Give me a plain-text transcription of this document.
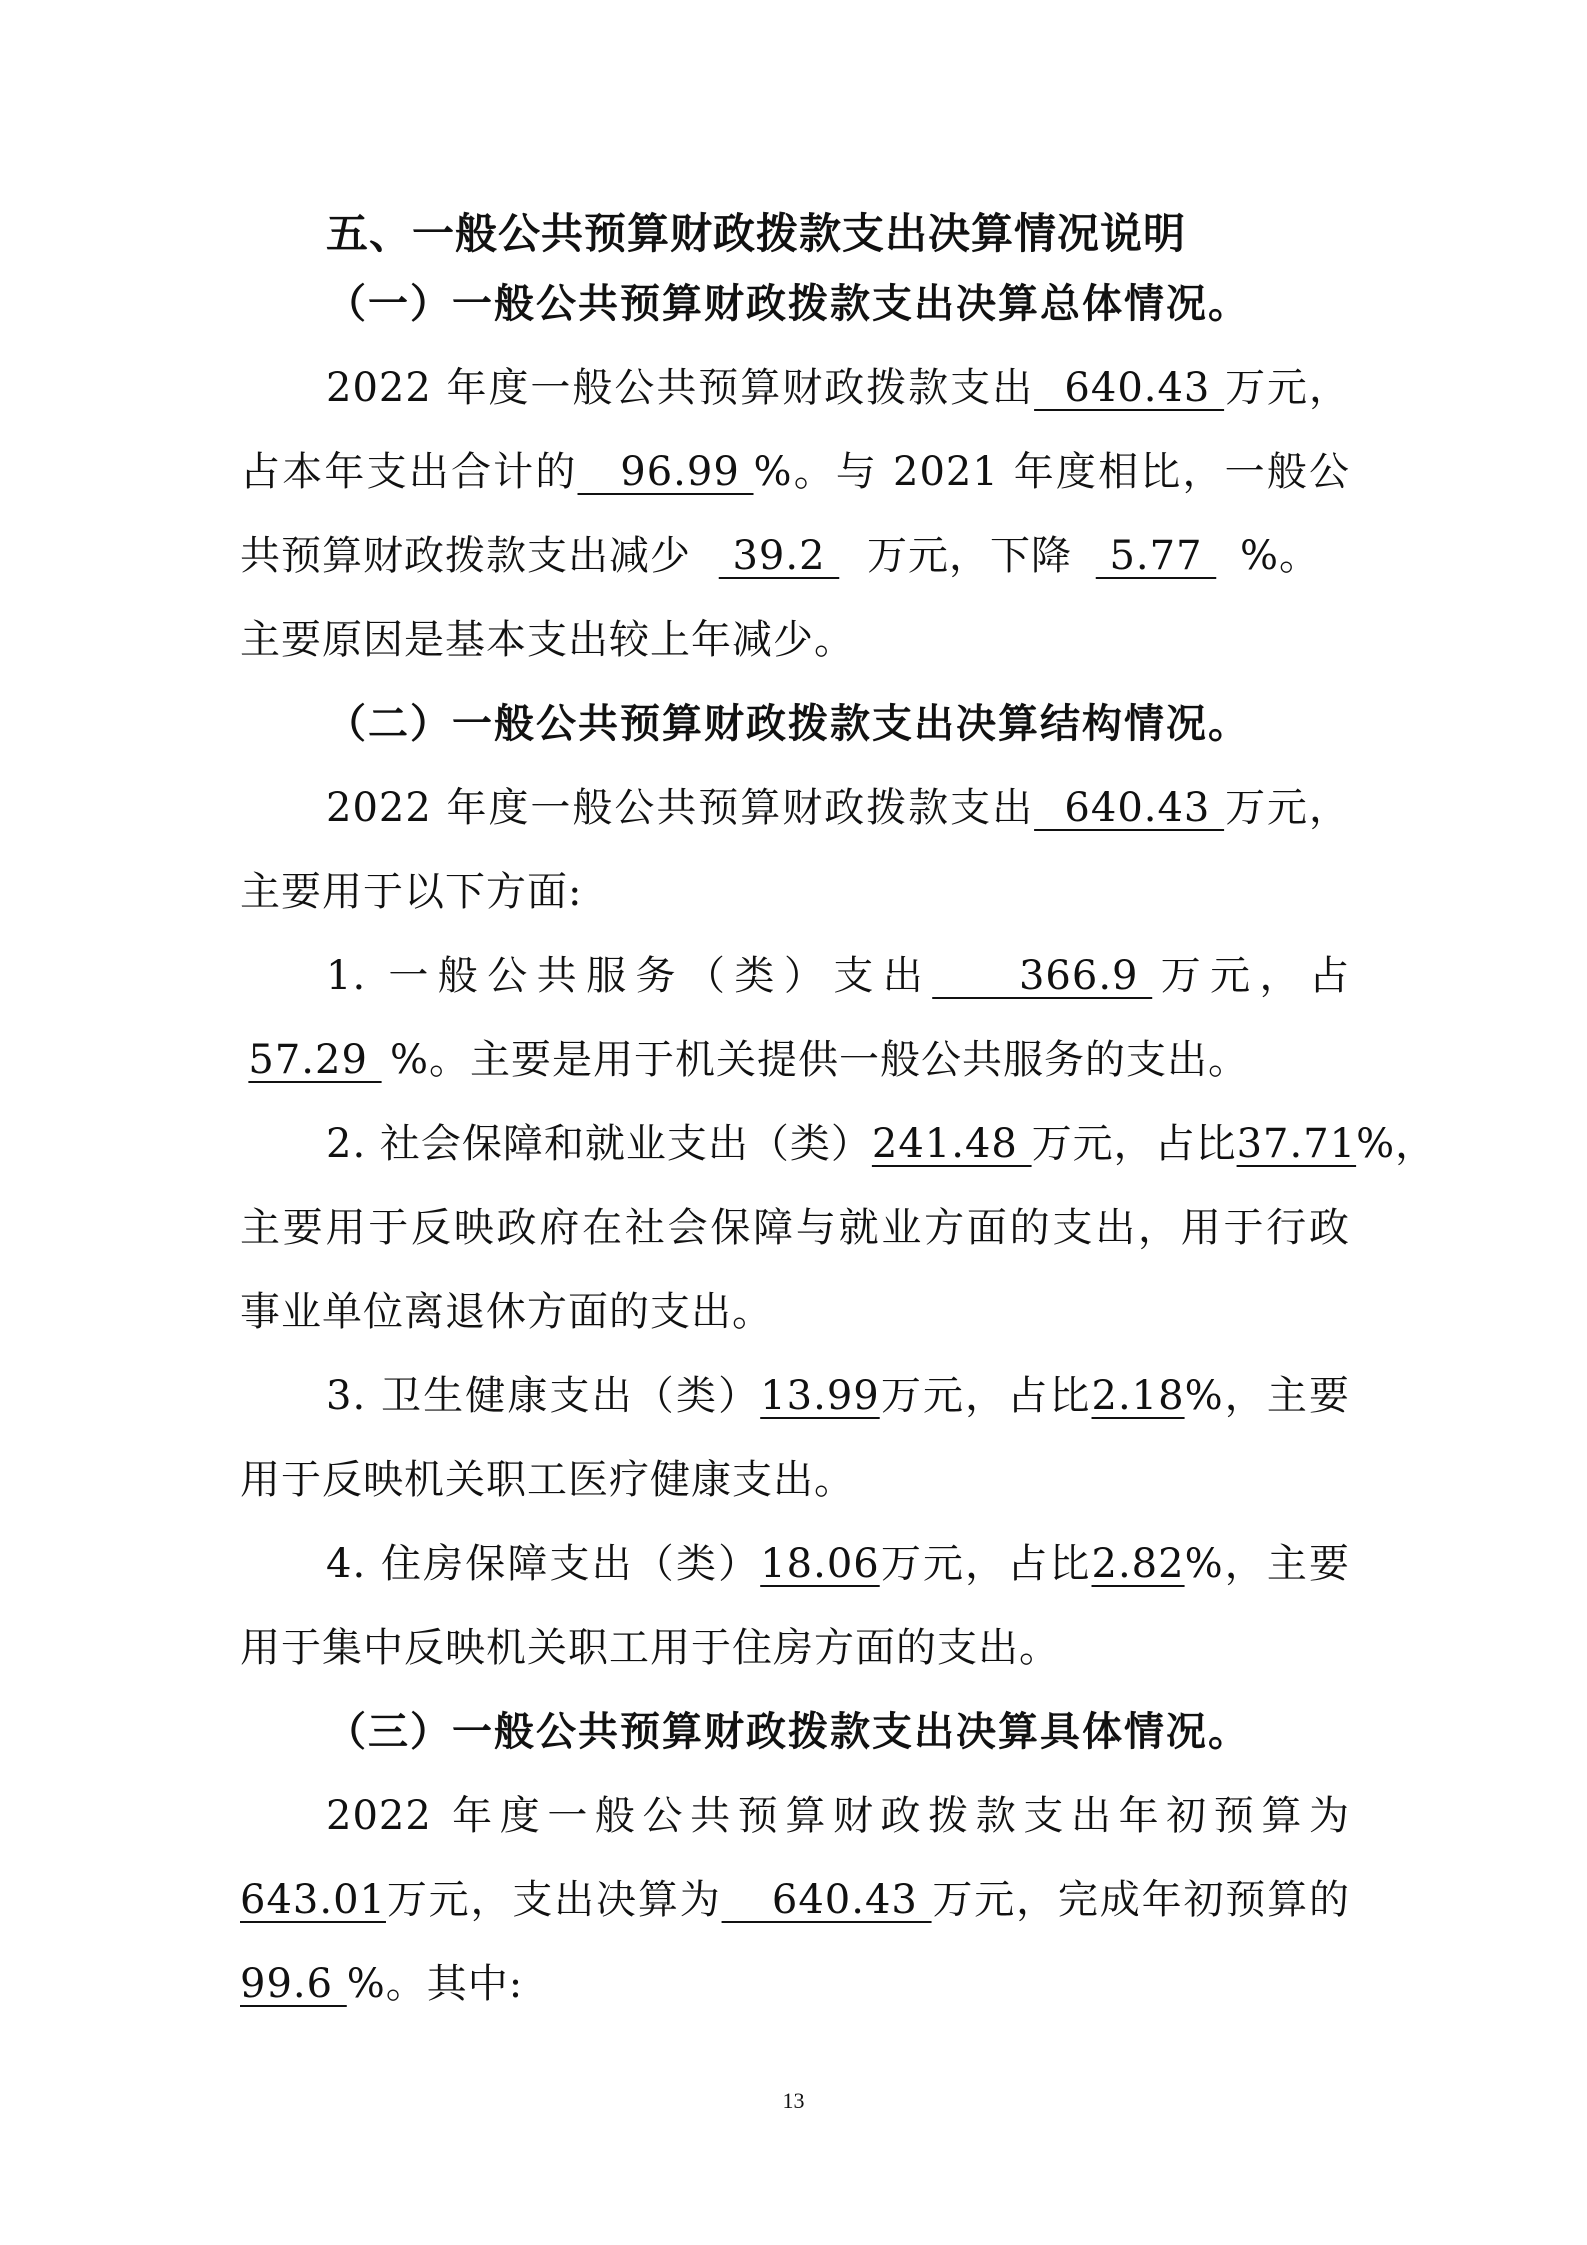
五、一般公共预算财政拨款支出决算情况说明
（一）一般公共预算财政拨款支出决算总体情况。
2022 年度一般公共预算财政拨款支出 640.43 万元，
占本年支出合计的 96.99 %。与 2021 年度相比，一般公
共预算财政拨款支出减少 39.2 万元，下降 5.77 %。
主要原因是基本支出较上年减少。
（二）一般公共预算财政拨款支出决算结构情况。
2022 年度一般公共预算财政拨款支出 640.43 万元，
主要用于以下方面:
1. 一般公共服务（类）支出 366.9 万元，占
57.29 %。主要是用于机关提供一般公共服务的支出。
2. 社会保障和就业支出（类）241.48 万元，占比37.71%，
主要用于反映政府在社会保障与就业方面的支出，用于行政
事业单位离退休方面的支出。
3. 卫生健康支出（类）13.99万元，占比2.18%，主要
用于反映机关职工医疗健康支出。
4. 住房保障支出（类）18.06万元，占比2.82%，主要
用于集中反映机关职工用于住房方面的支出。
（三）一般公共预算财政拨款支出决算具体情况。
2022 年度一般公共预算财政拨款支出年初预算为
643.01万元，支出决算为 640.43 万元，完成年初预算的
99.6 %。其中:
13
